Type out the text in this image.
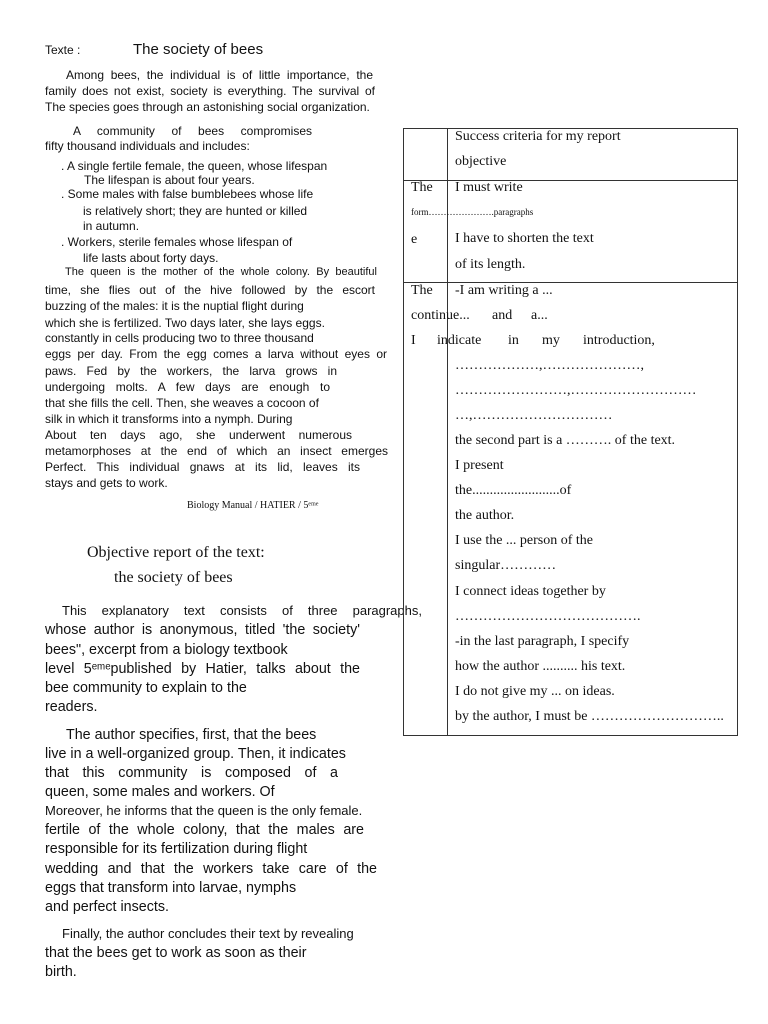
Texte :	The society of bees
Among bees, the individual is of little importance, the
family does not exist, society is everything. The survival of
The species goes through an astonishing social organization.
A community of bees compromises
fifty thousand individuals and includes:
. A single fertile female, the queen, whose lifespan
The lifespan is about four years.
. Some males with false bumblebees whose life
is relatively short; they are hunted or killed
in autumn.
. Workers, sterile females whose lifespan of
life lasts about forty days.
The queen is the mother of the whole colony. By beautiful
time, she flies out of the hive followed by the escort
buzzing of the males: it is the nuptial flight during
which she is fertilized. Two days later, she lays eggs.
constantly in cells producing two to three thousand
eggs per day. From the egg comes a larva without eyes or
paws. Fed by the workers, the larva grows in
undergoing molts. A few days are enough to
that she fills the cell. Then, she weaves a cocoon of
silk in which it transforms into a nymph. During
About ten days ago, she underwent numerous
metamorphoses at the end of which an insect emerges
Perfect. This individual gnaws at its lid, leaves its
stays and gets to work.
Biology Manual / HATIER / 5ᵉᵐᵉ
Objective report of the text:
the society of bees
This explanatory text consists of three paragraphs,
whose author is anonymous, titled 'the society'
bees", excerpt from a biology textbook
level 5ᵉᵐᵉpublished by Hatier, talks about the
bee community to explain to the
readers.
The author specifies, first, that the bees
live in a well-organized group. Then, it indicates
that this community is composed of a
queen, some males and workers. Of
Moreover, he informs that the queen is the only female.
fertile of the whole colony, that the males are
responsible for its fertilization during flight
wedding and that the workers take care of the
eggs that transform into larvae, nymphs
and perfect insects.
Finally, the author concludes their text by revealing
that the bees get to work as soon as their
birth.
Success criteria for my report
objective
The
e
I must write
form………………….paragraphs
I have to shorten the text
of its length.
The
continue... and a...
I indicate in my introduction,
-I am writing a ...
………………,…………………,
……………………,………………………
…,…………………………
the second part is a ………. of the text.
I present
the.........................of
the author.
I use the ... person of the
singular…………
I connect ideas together by
………………………………….
-in the last paragraph, I specify
how the author .......... his text.
I do not give my ... on ideas.
by the author, I must be ………………………..
